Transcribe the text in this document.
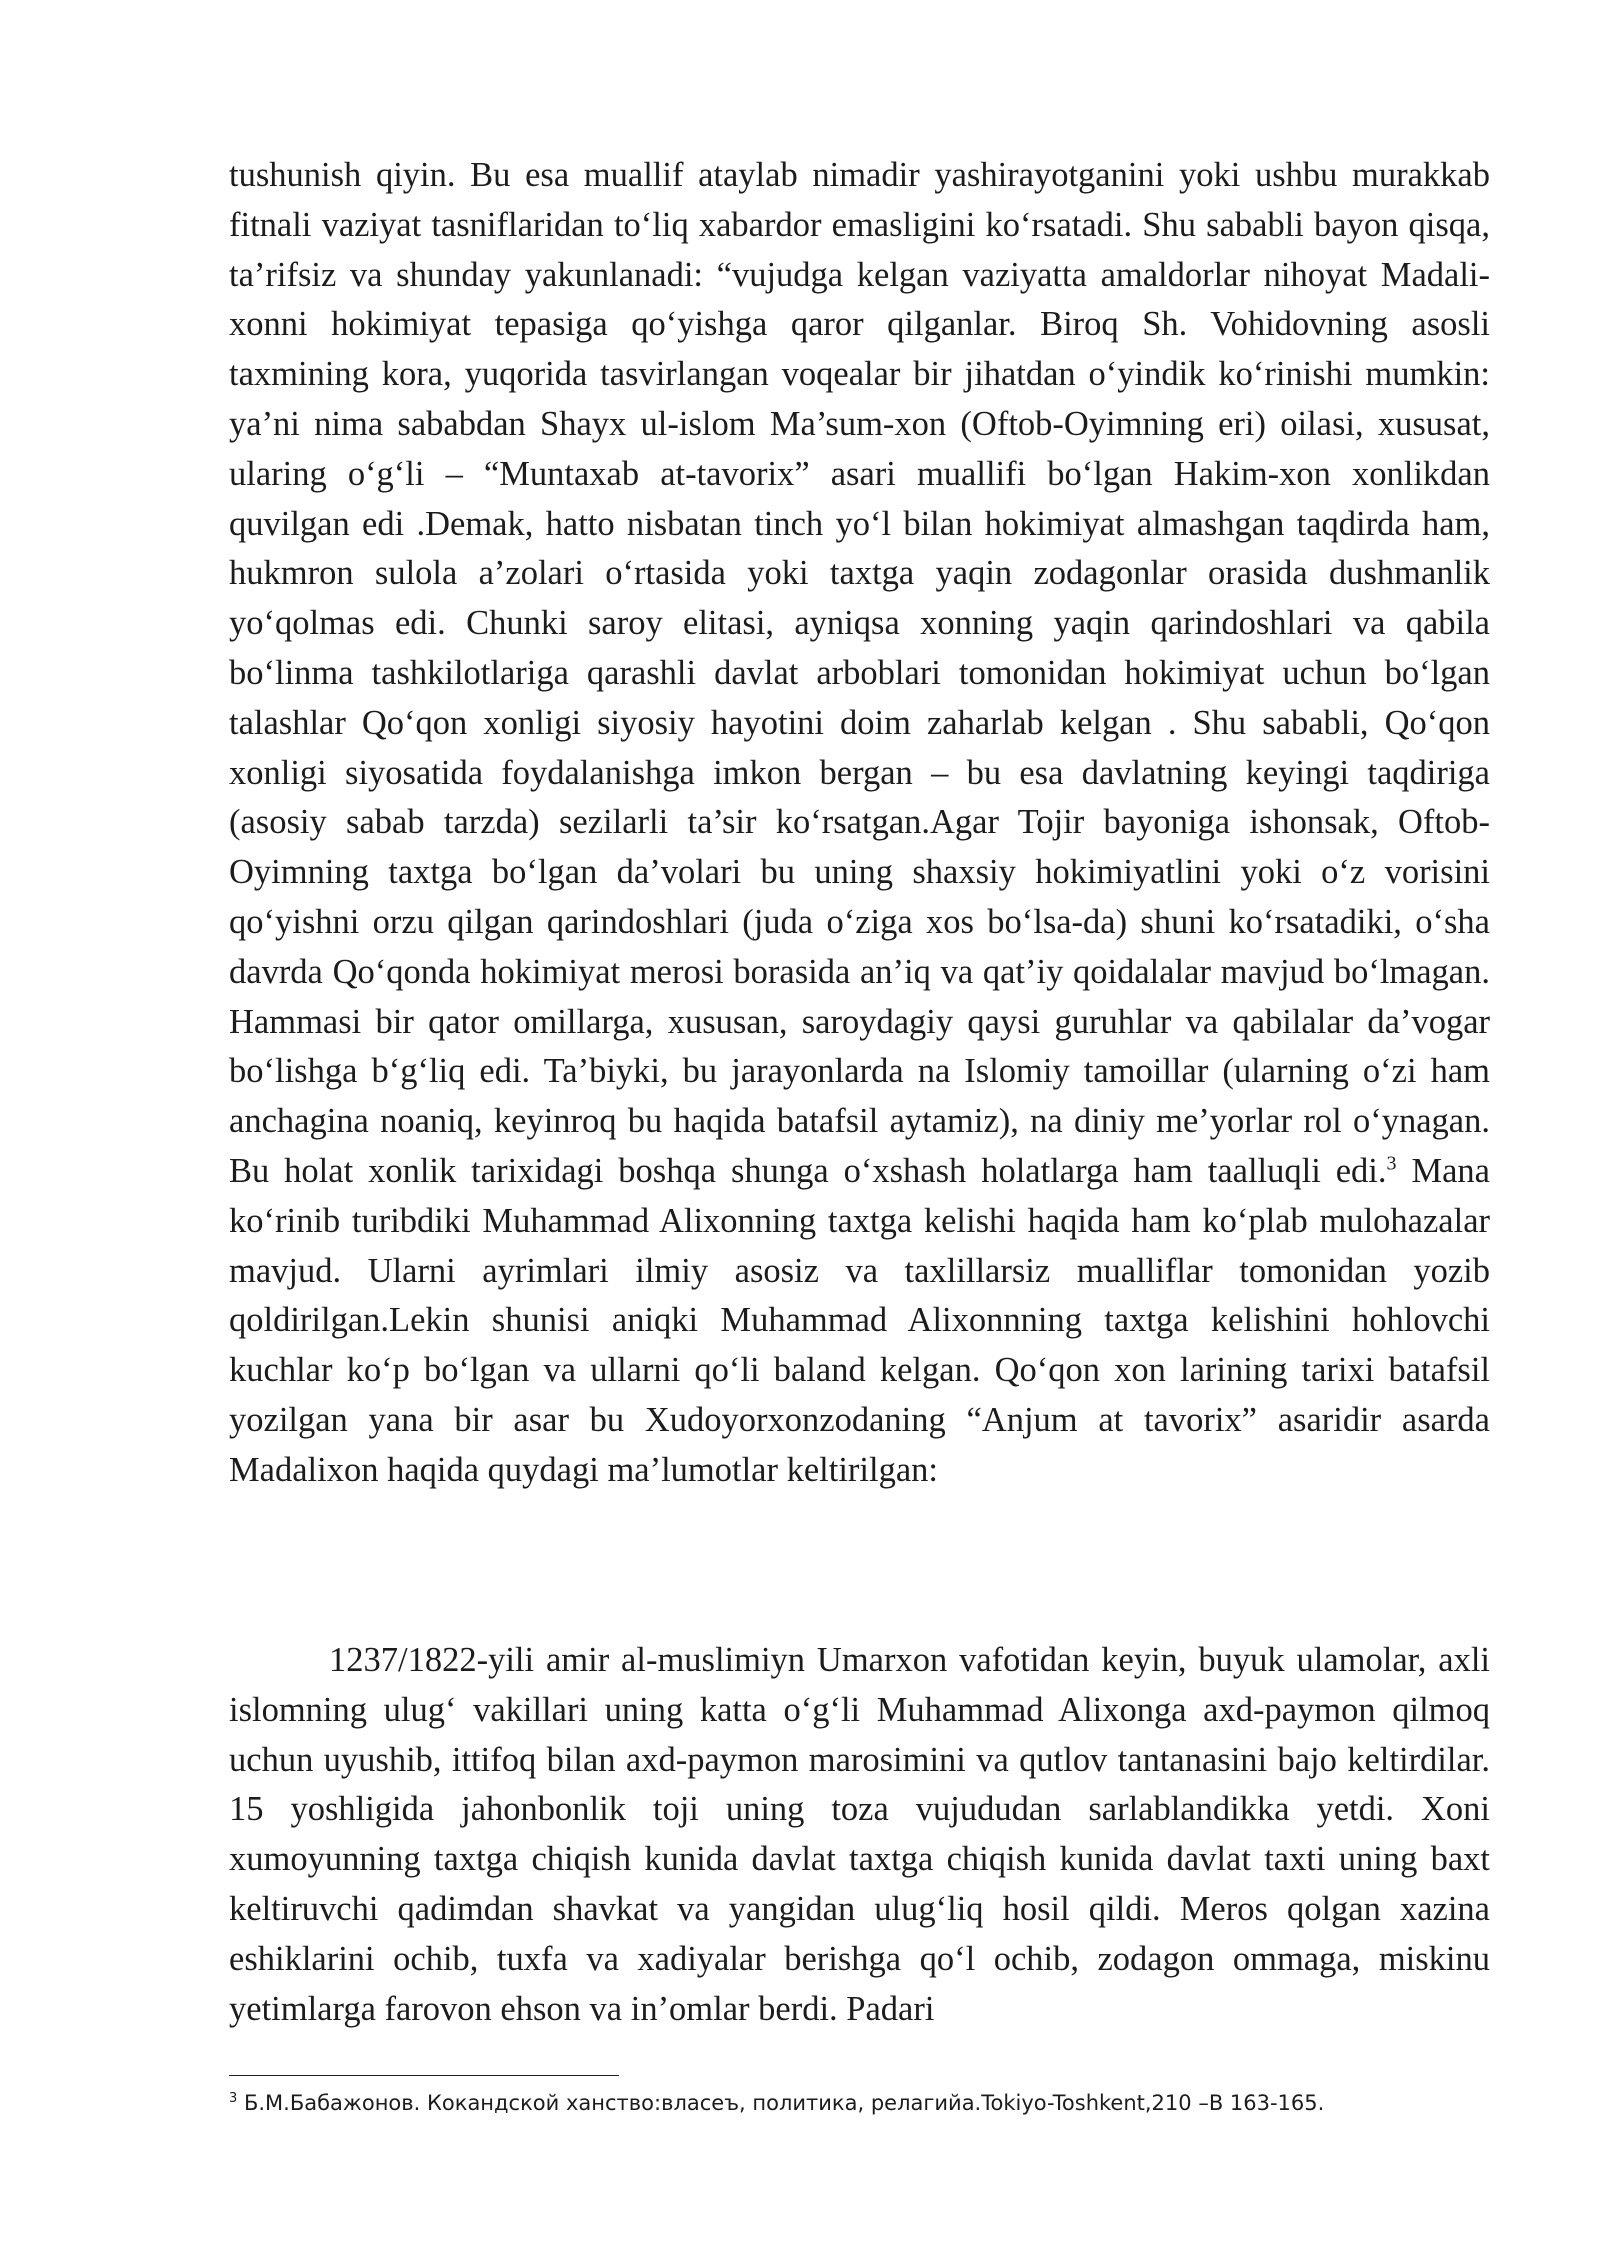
tushunish qiyin. Bu esa muallif ataylab nimadir yashirayotganini yoki ushbu murakkab fitnali vaziyat tasniflaridan to‘liq xabardor emasligini ko‘rsatadi. Shu sababli bayon qisqa, ta’rifsiz va shunday yakunlanadi: “vujudga kelgan vaziyatta amaldorlar nihoyat Madali-xonni hokimiyat tepasiga qo‘yishga qaror qilganlar. Biroq Sh. Vohidovning asosli taxmining kora, yuqorida tasvirlangan voqealar bir jihatdan o‘yindik ko‘rinishi mumkin: ya’ni nima sababdan Shayx ul-islom Ma’sum-xon (Oftob-Oyimning eri) oilasi, xususat, ularing o‘g‘li – “Muntaxab at-tavorix” asari muallifi bo‘lgan Hakim-xon xonlikdan quvilgan edi .Demak, hatto nisbatan tinch yo‘l bilan hokimiyat almashgan taqdirda ham, hukmron sulola a’zolari o‘rtasida yoki taxtga yaqin zodagonlar orasida dushmanlik yo‘qolmas edi. Chunki saroy elitasi, ayniqsa xonning yaqin qarindoshlari va qabila bo‘linma tashkilotlariga qarashli davlat arboblari tomonidan hokimiyat uchun bo‘lgan talashlar Qo‘qon xonligi siyosiy hayotini doim zaharlab kelgan . Shu sababli, Qo‘qon xonligi siyosatida foydalanishga imkon bergan – bu esa davlatning keyingi taqdiriga (asosiy sabab tarzda) sezilarli ta’sir ko‘rsatgan.Agar Tojir bayoniga ishonsak, Oftob-Oyimning taxtga bo‘lgan da’volari bu uning shaxsiy hokimiyatlini yoki o‘z vorisini qo‘yishni orzu qilgan qarindoshlari (juda o‘ziga xos bo‘lsa-da) shuni ko‘rsatadiki, o‘sha davrda Qo‘qonda hokimiyat merosi borasida an’iq va qat’iy qoidalalar mavjud bo‘lmagan. Hammasi bir qator omillarga, xususan, saroydagiy qaysi guruhlar va qabilalar da’vogar bo‘lishga b‘g‘liq edi. Ta’biyki, bu jarayonlarda na Islomiy tamoillar (ularning o‘zi ham anchagina noaniq, keyinroq bu haqida batafsil aytamiz), na diniy me’yorlar rol o‘ynagan. Bu holat xonlik tarixidagi boshqa shunga o‘xshash holatlarga ham taalluqli edi.$^3$ Mana ko‘rinib turibdiki Muhammad Alixonning taxtga kelishi haqida ham ko‘plab mulohazalar mavjud. Ularni ayrimlari ilmiy asosiz va taxlillarsiz mualliflar tomonidan yozib qoldirilgan.Lekin shunisi aniqki Muhammad Alixonnning taxtga kelishini hohlovchi kuchlar ko‘p bo‘lgan va ullarni qo‘li baland kelgan. Qo‘qon xon larining tarixi batafsil yozilgan yana bir asar bu Xudoyorxonzodaning “Anjum at tavorix” asaridir asarda Madalixon haqida quydagi ma’lumotlar keltirilgan:

1237/1822-yili amir al-muslimiyn Umarxon vafotidan keyin, buyuk ulamolar, axli islomning ulug‘ vakillari uning katta o‘g‘li Muhammad Alixonga axd-paymon qilmoq uchun uyushib, ittifoq bilan axd-paymon marosimini va qutlov tantanasini bajo keltirdilar. 15 yoshligida jahonbonlik toji uning toza vujududan sarlablandikka yetdi. Xoni xumoyunning taxtga chiqish kunida davlat taxtga chiqish kunida davlat taxti uning baxt keltiruvchi qadimdan shavkat va yangidan ulug‘liq hosil qildi. Meros qolgan xazina eshiklarini ochib, tuxfa va xadiyalar berishga qo‘l ochib, zodagon ommaga, miskinu yetimlarga farovon ehson va in’omlar berdi. Padari

$^3$ Б.М.Бабажонов. Кокандской ханство:власеъ, политика, релагийа.Tokiyo-Toshkent,210 –В 163-165.
